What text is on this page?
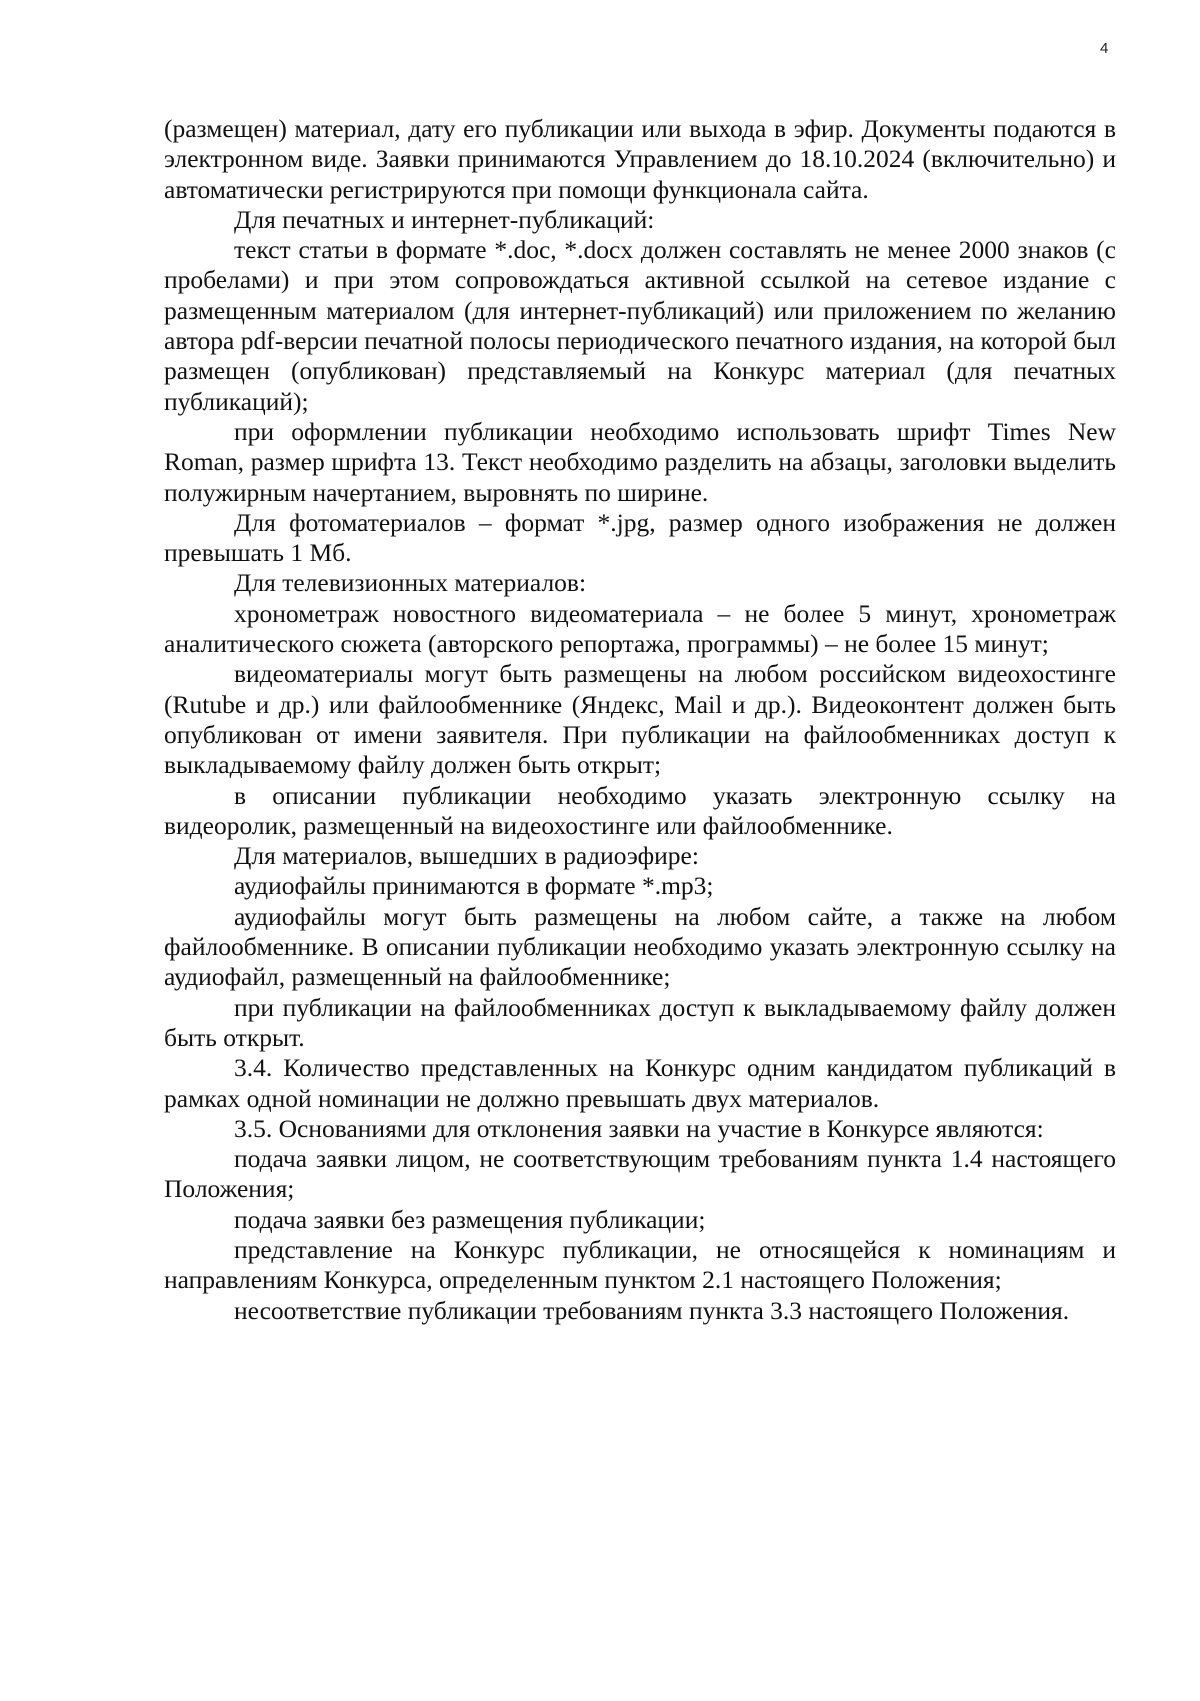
4

(размещен) материал, дату его публикации или выхода в эфир. Документы подаются в электронном виде. Заявки принимаются Управлением до 18.10.2024 (включительно) и автоматически регистрируются при помощи функционала сайта.

Для печатных и интернет-публикаций:

текст статьи в формате *.doc, *.docx должен составлять не менее 2000 знаков (с пробелами) и при этом сопровождаться активной ссылкой на сетевое издание с размещенным материалом (для интернет-публикаций) или приложением по желанию автора pdf-версии печатной полосы периодического печатного издания, на которой был размещен (опубликован) представляемый на Конкурс материал (для печатных публикаций);

при оформлении публикации необходимо использовать шрифт Times New Roman, размер шрифта 13. Текст необходимо разделить на абзацы, заголовки выделить полужирным начертанием, выровнять по ширине.

Для фотоматериалов – формат *.jpg, размер одного изображения не должен превышать 1 Мб.

Для телевизионных материалов:

хронометраж новостного видеоматериала – не более 5 минут, хронометраж аналитического сюжета (авторского репортажа, программы) – не более 15 минут;

видеоматериалы могут быть размещены на любом российском видеохостинге (Rutube и др.) или файлообменнике (Яндекс, Mail и др.). Видеоконтент должен быть опубликован от имени заявителя. При публикации на файлообменниках доступ к выкладываемому файлу должен быть открыт;

в описании публикации необходимо указать электронную ссылку на видеоролик, размещенный на видеохостинге или файлообменнике.

Для материалов, вышедших в радиоэфире:

аудиофайлы принимаются в формате *.mp3;

аудиофайлы могут быть размещены на любом сайте, а также на любом файлообменнике. В описании публикации необходимо указать электронную ссылку на аудиофайл, размещенный на файлообменнике;

при публикации на файлообменниках доступ к выкладываемому файлу должен быть открыт.

3.4. Количество представленных на Конкурс одним кандидатом публикаций в рамках одной номинации не должно превышать двух материалов.

3.5. Основаниями для отклонения заявки на участие в Конкурсе являются:

подача заявки лицом, не соответствующим требованиям пункта 1.4 настоящего Положения;

подача заявки без размещения публикации;

представление на Конкурс публикации, не относящейся к номинациям и направлениям Конкурса, определенным пунктом 2.1 настоящего Положения;

несоответствие публикации требованиям пункта 3.3 настоящего Положения.
